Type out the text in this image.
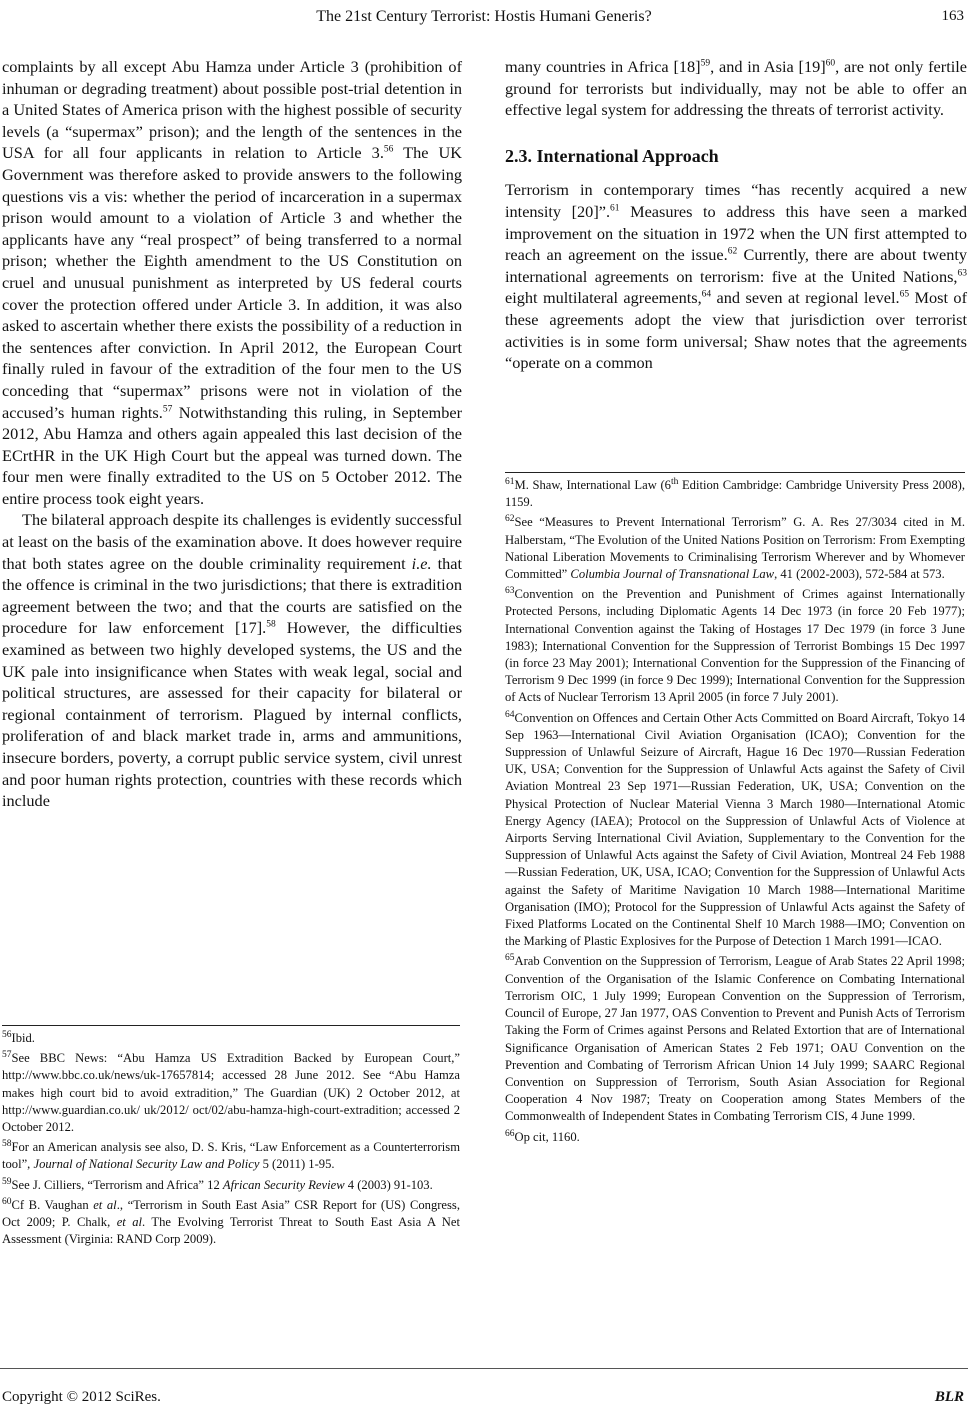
The 21st Century Terrorist: Hostis Humani Generis?	163

complaints by all except Abu Hamza under Article 3 (prohibition of inhuman or degrading treatment) about possible post-trial detention in a United States of America prison with the highest possible of security levels (a “supermax” prison); and the length of the sentences in the USA for all four applicants in relation to Article 3.56 The UK Government was therefore asked to provide answers to the following questions vis a vis: whether the period of incarceration in a supermax prison would amount to a violation of Article 3 and whether the applicants have any “real prospect” of being transferred to a normal prison; whether the Eighth amendment to the US Constitution on cruel and unusual punishment as interpreted by US federal courts cover the protection offered under Article 3. In addition, it was also asked to ascertain whether there exists the possibility of a reduction in the sentences after conviction. In April 2012, the European Court finally ruled in favour of the extradition of the four men to the US conceding that “supermax” prisons were not in violation of the accused’s human rights.$^{57}$ Notwithstanding this ruling, in September 2012, Abu Hamza and others again appealed this last decision of the ECrtHR in the UK High Court but the appeal was turned down. The four men were finally extradited to the US on 5 October 2012. The entire process took eight years.

The bilateral approach despite its challenges is evidently successful at least on the basis of the examination above. It does however require that both states agree on the double criminality requirement i.e. that the offence is criminal in the two jurisdictions; that there is extradition agreement between the two; and that the courts are satisfied on the procedure for law enforcement [17].$^{58}$ However, the difficulties examined as between two highly developed systems, the US and the UK pale into insignificance when States with weak legal, social and political structures, are assessed for their capacity for bilateral or regional containment of terrorism. Plagued by internal conflicts, proliferation of and black market trade in, arms and ammunitions, insecure borders, poverty, a corrupt public service system, civil unrest and poor human rights protection, countries with these records which include

many countries in Africa $[18]^{59}$, and in Asia $[19]^{60}$, are not only fertile ground for terrorists but individually, may not be able to offer an effective legal system for addressing the threats of terrorist activity.

2.3. International Approach

Terrorism in contemporary times “has recently acquired a new intensity [20]”.$^{61}$ Measures to address this have seen a marked improvement on the situation in 1972 when the UN first attempted to reach an agreement on the issue.$^{62}$ Currently, there are about twenty international agreements on terrorism: five at the United Nations,$^{63}$ eight multilateral agreements,$^{64}$ and seven at regional level.$^{65}$ Most of these agreements adopt the view that jurisdiction over terrorist activities is in some form universal; Shaw notes that the agreements “operate on a common

$^{56}$Ibid.

$^{57}$See BBC News: “Abu Hamza US Extradition Backed by European Court,” http://www.bbc.co.uk/news/uk-17657814; accessed 28 June 2012. See “Abu Hamza makes high court bid to avoid extradition,” The Guardian (UK) 2 October 2012, at http://www.guardian.co.uk/ uk/2012/ oct/02/abu-hamza-high-court-extradition; accessed 2 October 2012.

$^{58}$For an American analysis see also, D. S. Kris, “Law Enforcement as a Counterterrorism tool”, Journal of National Security Law and Policy 5 (2011) 1-95.

$^{59}$See J. Cilliers, “Terrorism and Africa” 12 African Security Review 4 (2003) 91-103.

$^{60}$Cf B. Vaughan et al., “Terrorism in South East Asia” CSR Report for (US) Congress, Oct 2009; P. Chalk, et al. The Evolving Terrorist Threat to South East Asia A Net Assessment (Virginia: RAND Corp 2009).

$^{61}$M. Shaw, International Law (6th Edition Cambridge: Cambridge University Press 2008), 1159.

$^{62}$See “Measures to Prevent International Terrorism” G. A. Res 27/3034 cited in M. Halberstam, “The Evolution of the United Nations Position on Terrorism: From Exempting National Liberation Movements to Criminalising Terrorism Wherever and by Whomever Committed” Columbia Journal of Transnational Law, 41 (2002-2003), 572-584 at 573.

$^{63}$Convention on the Prevention and Punishment of Crimes against Internationally Protected Persons, including Diplomatic Agents 14 Dec 1973 (in force 20 Feb 1977); International Convention against the Taking of Hostages 17 Dec 1979 (in force 3 June 1983); International Convention for the Suppression of Terrorist Bombings 15 Dec 1997 (in force 23 May 2001); International Convention for the Suppression of the Financing of Terrorism 9 Dec 1999 (in force 9 Dec 1999); International Convention for the Suppression of Acts of Nuclear Terrorism 13 April 2005 (in force 7 July 2001).

$^{64}$Convention on Offences and Certain Other Acts Committed on Board Aircraft, Tokyo 14 Sep 1963—International Civil Aviation Organisation (ICAO); Convention for the Suppression of Unlawful Seizure of Aircraft, Hague 16 Dec 1970—Russian Federation UK, USA; Convention for the Suppression of Unlawful Acts against the Safety of Civil Aviation Montreal 23 Sep 1971—Russian Federation, UK, USA; Convention on the Physical Protection of Nuclear Material Vienna 3 March 1980—International Atomic Energy Agency (IAEA); Protocol on the Suppression of Unlawful Acts of Violence at Airports Serving International Civil Aviation, Supplementary to the Convention for the Suppression of Unlawful Acts against the Safety of Civil Aviation, Montreal 24 Feb 1988—Russian Federation, UK, USA, ICAO; Convention for the Suppression of Unlawful Acts against the Safety of Maritime Navigation 10 March 1988—International Maritime Organisation (IMO); Protocol for the Suppression of Unlawful Acts against the Safety of Fixed Platforms Located on the Continental Shelf 10 March 1988—IMO; Convention on the Marking of Plastic Explosives for the Purpose of Detection 1 March 1991—ICAO.

$^{65}$Arab Convention on the Suppression of Terrorism, League of Arab States 22 April 1998; Convention of the Organisation of the Islamic Conference on Combating International Terrorism OIC, 1 July 1999; European Convention on the Suppression of Terrorism, Council of Europe, 27 Jan 1977, OAS Convention to Prevent and Punish Acts of Terrorism Taking the Form of Crimes against Persons and Related Extortion that are of International Significance Organisation of American States 2 Feb 1971; OAU Convention on the Prevention and Combating of Terrorism African Union 14 July 1999; SAARC Regional Convention on Suppression of Terrorism, South Asian Association for Regional Cooperation 4 Nov 1987; Treaty on Cooperation among States Members of the Commonwealth of Independent States in Combating Terrorism CIS, 4 June 1999.

$^{66}$Op cit, 1160.

Copyright © 2012 SciRes.	BLR
